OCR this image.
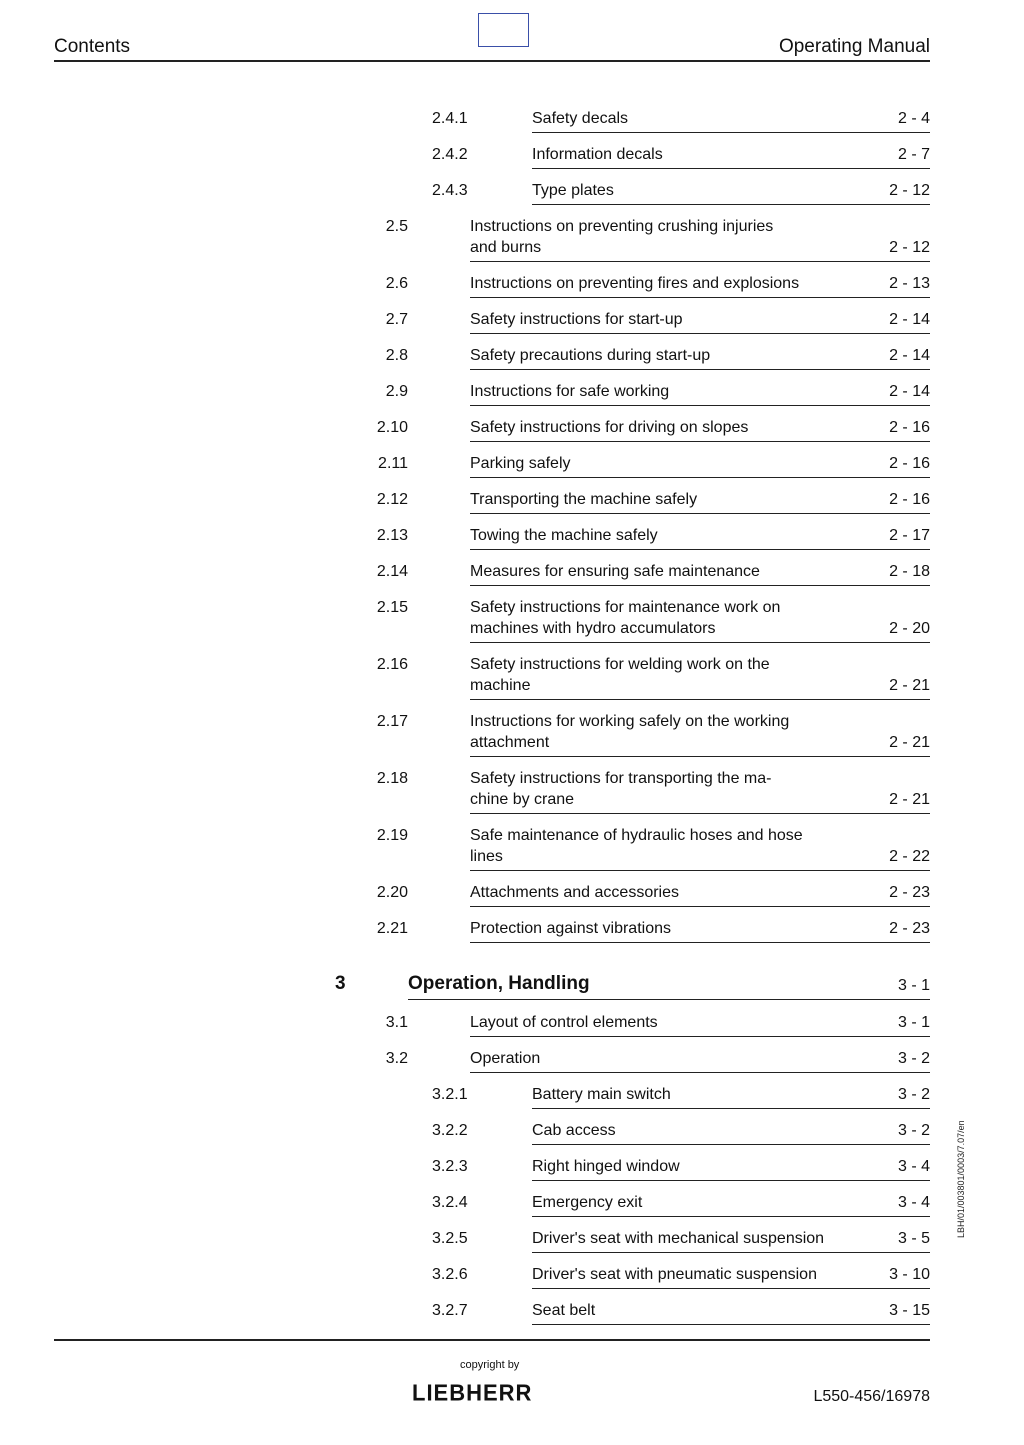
Contents	Operating Manual
2.4.1	Safety decals	2 - 4
2.4.2	Information decals	2 - 7
2.4.3	Type plates	2 - 12
2.5	Instructions on preventing crushing injuries
and burns	2 - 12
2.6	Instructions on preventing fires and explosions	2 - 13
2.7	Safety instructions for start-up	2 - 14
2.8	Safety precautions during start-up	2 - 14
2.9	Instructions for safe working	2 - 14
2.10	Safety instructions for driving on slopes	2 - 16
2.11	Parking safely	2 - 16
2.12	Transporting the machine safely	2 - 16
2.13	Towing the machine safely	2 - 17
2.14	Measures for ensuring safe maintenance	2 - 18
2.15	Safety instructions for maintenance work on
machines with hydro accumulators	2 - 20
2.16	Safety instructions for welding work on the
machine	2 - 21
2.17	Instructions for working safely on the working
attachment	2 - 21
2.18	Safety instructions for transporting the ma-
chine by crane	2 - 21
2.19	Safe maintenance of hydraulic hoses and hose
lines	2 - 22
2.20	Attachments and accessories	2 - 23
2.21	Protection against vibrations	2 - 23
3	Operation, Handling	3 - 1
3.1	Layout of control elements	3 - 1
3.2	Operation	3 - 2
3.2.1	Battery main switch	3 - 2
3.2.2	Cab access	3 - 2
3.2.3	Right hinged window	3 - 4
3.2.4	Emergency exit	3 - 4
3.2.5	Driver's seat with mechanical suspension	3 - 5
3.2.6	Driver's seat with pneumatic suspension	3 - 10
3.2.7	Seat belt	3 - 15
LBH/01/003801/0003/7.07/en
copyright by
LIEBHERR	L550-456/16978
